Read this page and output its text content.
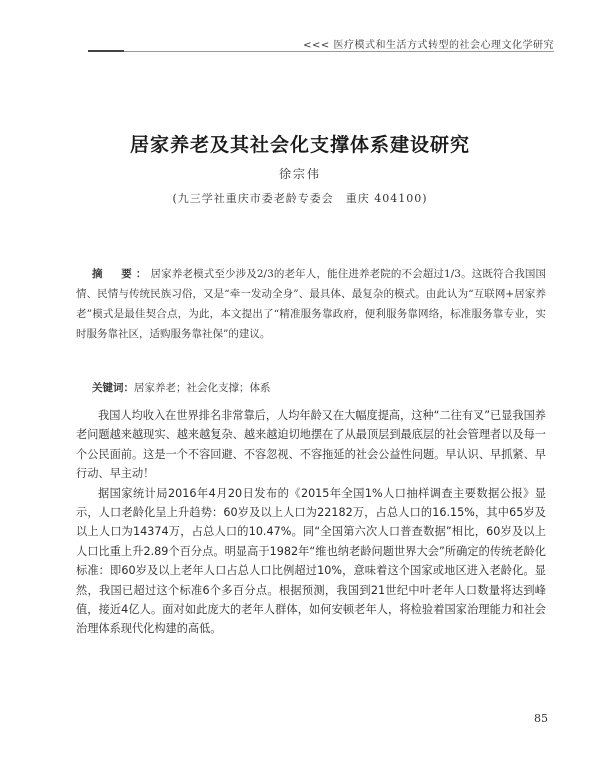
<<< 医疗模式和生活方式转型的社会心理文化学研究
居家养老及其社会化支撑体系建设研究
徐宗伟
(九三学社重庆市委老龄专委会　重庆 404100)
摘　要：居家养老模式至少涉及2/3的老年人，能住进养老院的不会超过1/3。这既符合我国国情、民情与传统民族习俗，又是“牵一发动全身”、最具体、最复杂的模式。由此认为“互联网+居家养老”模式是最佳契合点，为此，本文提出了“精准服务靠政府，便利服务靠网络，标准服务靠专业，实时服务靠社区，适购服务靠社保”的建议。
关键词：居家养老；社会化支撑；体系

我国人均收入在世界排名非常靠后，人均年龄又在大幅度提高，这种“二往有叉”已显我国养老问题越来越现实、越来越复杂、越来越迫切地摆在了从最顶层到最底层的社会管理者以及每一个公民面前。这是一个不容回避、不容忽视、不容拖延的社会公益性问题。早认识、早抓紧、早行动、早主动！

据国家统计局2016年4月20日发布的《2015年全国1%人口抽样调查主要数据公报》显示，人口老龄化呈上升趋势：60岁及以上人口为22182万，占总人口的16.15%，其中65岁及以上人口为14374万，占总人口的10.47%。同“全国第六次人口普查数据”相比，60岁及以上人口比重上升2.89个百分点。明显高于1982年“维也纳老龄问题世界大会”所确定的传统老龄化标准：即60岁及以上老年人口占总人口比例超过10%，意味着这个国家或地区进入老龄化。显然，我国已超过这个标准6个多百分点。根据预测，我国到21世纪中叶老年人口数量将达到峰值，接近4亿人。面对如此庞大的老年人群体，如何安顿老年人，将检验着国家治理能力和社会治理体系现代化构建的高低。

85
